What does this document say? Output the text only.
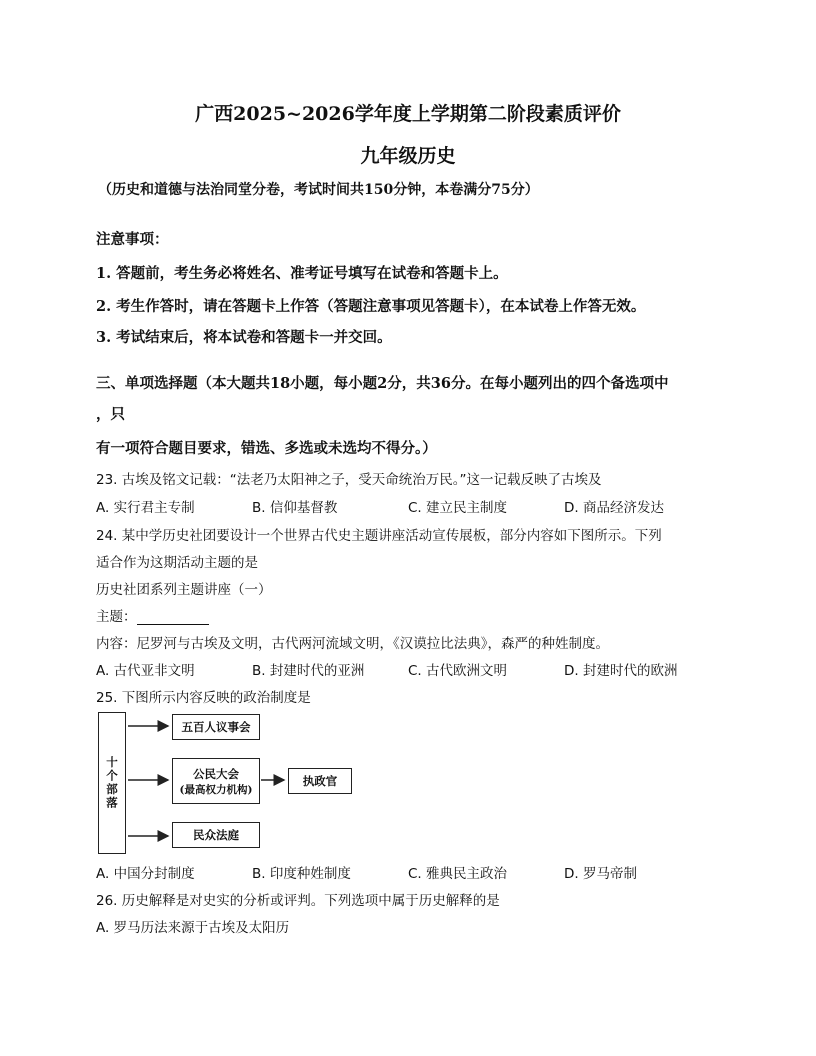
广西2025~2026学年度上学期第二阶段素质评价
九年级历史
（历史和道德与法治同堂分卷，考试时间共150分钟，本卷满分75分）
注意事项：
1. 答题前，考生务必将姓名、准考证号填写在试卷和答题卡上。
2. 考生作答时，请在答题卡上作答（答题注意事项见答题卡），在本试卷上作答无效。
3. 考试结束后，将本试卷和答题卡一并交回。
三、单项选择题（本大题共18小题，每小题2分，共36分。在每小题列出的四个备选项中
，只
有一项符合题目要求，错选、多选或未选均不得分。）
23. 古埃及铭文记载：“法老乃太阳神之子，受天命统治万民。”这一记载反映了古埃及
A. 实行君主专制	B. 信仰基督教	C. 建立民主制度	D. 商品经济发达
24. 某中学历史社团要设计一个世界古代史主题讲座活动宣传展板，部分内容如下图所示。下列
适合作为这期活动主题的是
历史社团系列主题讲座（一）
主题：
内容：尼罗河与古埃及文明，古代两河流域文明，《汉谟拉比法典》，森严的种姓制度。
A. 古代亚非文明	B. 封建时代的亚洲	C. 古代欧洲文明	D. 封建时代的欧洲
25. 下图所示内容反映的政治制度是
十个部落
五百人议事会
公民大会
(最高权力机构)
民众法庭
执政官
A. 中国分封制度	B. 印度种姓制度	C. 雅典民主政治	D. 罗马帝制
26. 历史解释是对史实的分析或评判。下列选项中属于历史解释的是
A. 罗马历法来源于古埃及太阳历
